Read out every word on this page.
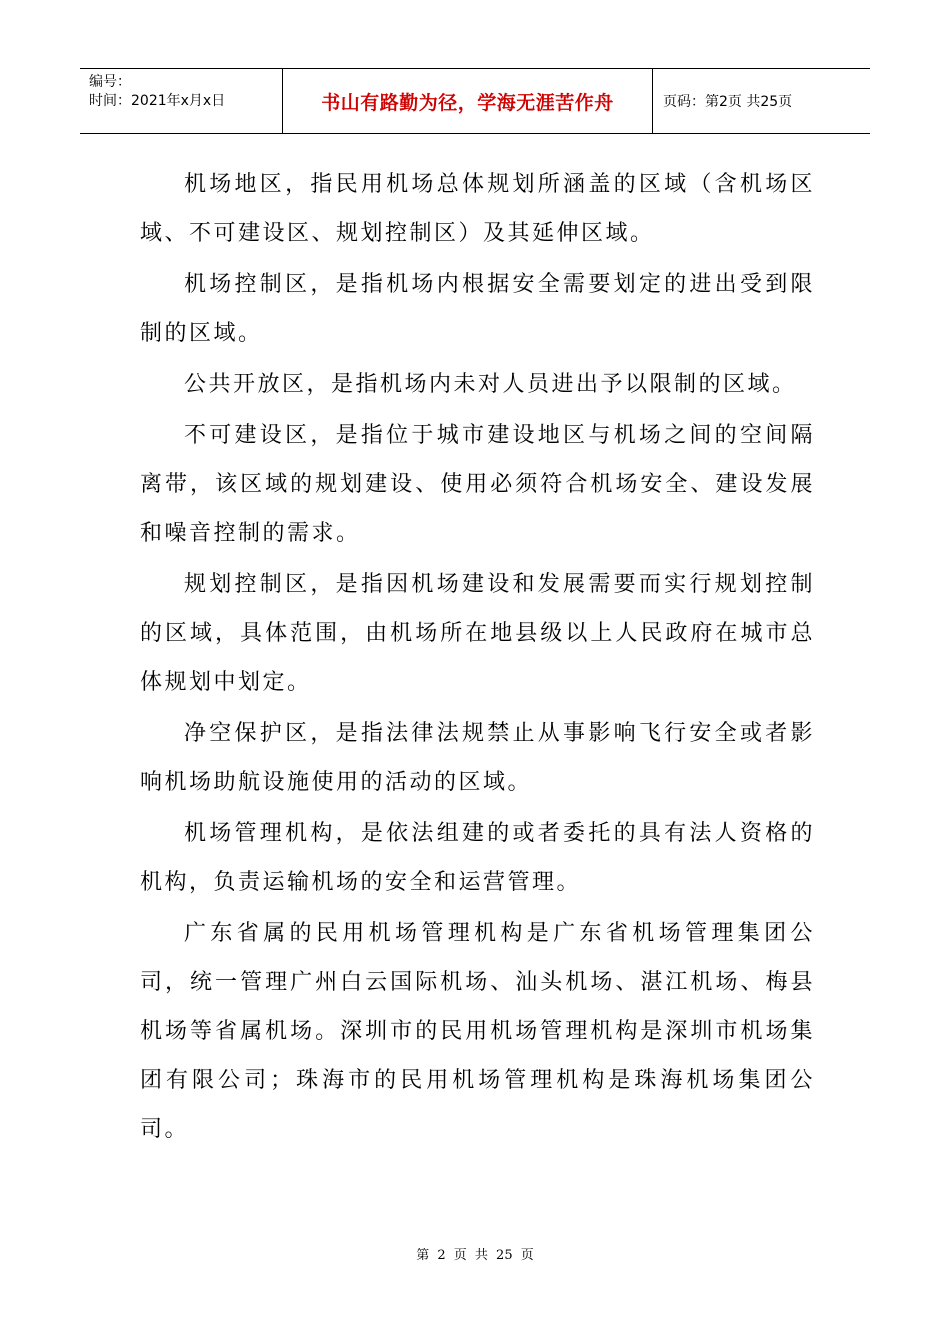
编号：
时间：2021年x月x日	书山有路勤为径，学海无涯苦作舟	页码：第2页 共25页

机场地区，指民用机场总体规划所涵盖的区域（含机场区域、不可建设区、规划控制区）及其延伸区域。

机场控制区，是指机场内根据安全需要划定的进出受到限制的区域。

公共开放区，是指机场内未对人员进出予以限制的区域。

不可建设区，是指位于城市建设地区与机场之间的空间隔离带，该区域的规划建设、使用必须符合机场安全、建设发展和噪音控制的需求。

规划控制区，是指因机场建设和发展需要而实行规划控制的区域，具体范围，由机场所在地县级以上人民政府在城市总体规划中划定。

净空保护区，是指法律法规禁止从事影响飞行安全或者影响机场助航设施使用的活动的区域。

机场管理机构，是依法组建的或者委托的具有法人资格的机构，负责运输机场的安全和运营管理。

广东省属的民用机场管理机构是广东省机场管理集团公司，统一管理广州白云国际机场、汕头机场、湛江机场、梅县机场等省属机场。深圳市的民用机场管理机构是深圳市机场集团有限公司；珠海市的民用机场管理机构是珠海机场集团公司。

第 2 页 共 25 页
